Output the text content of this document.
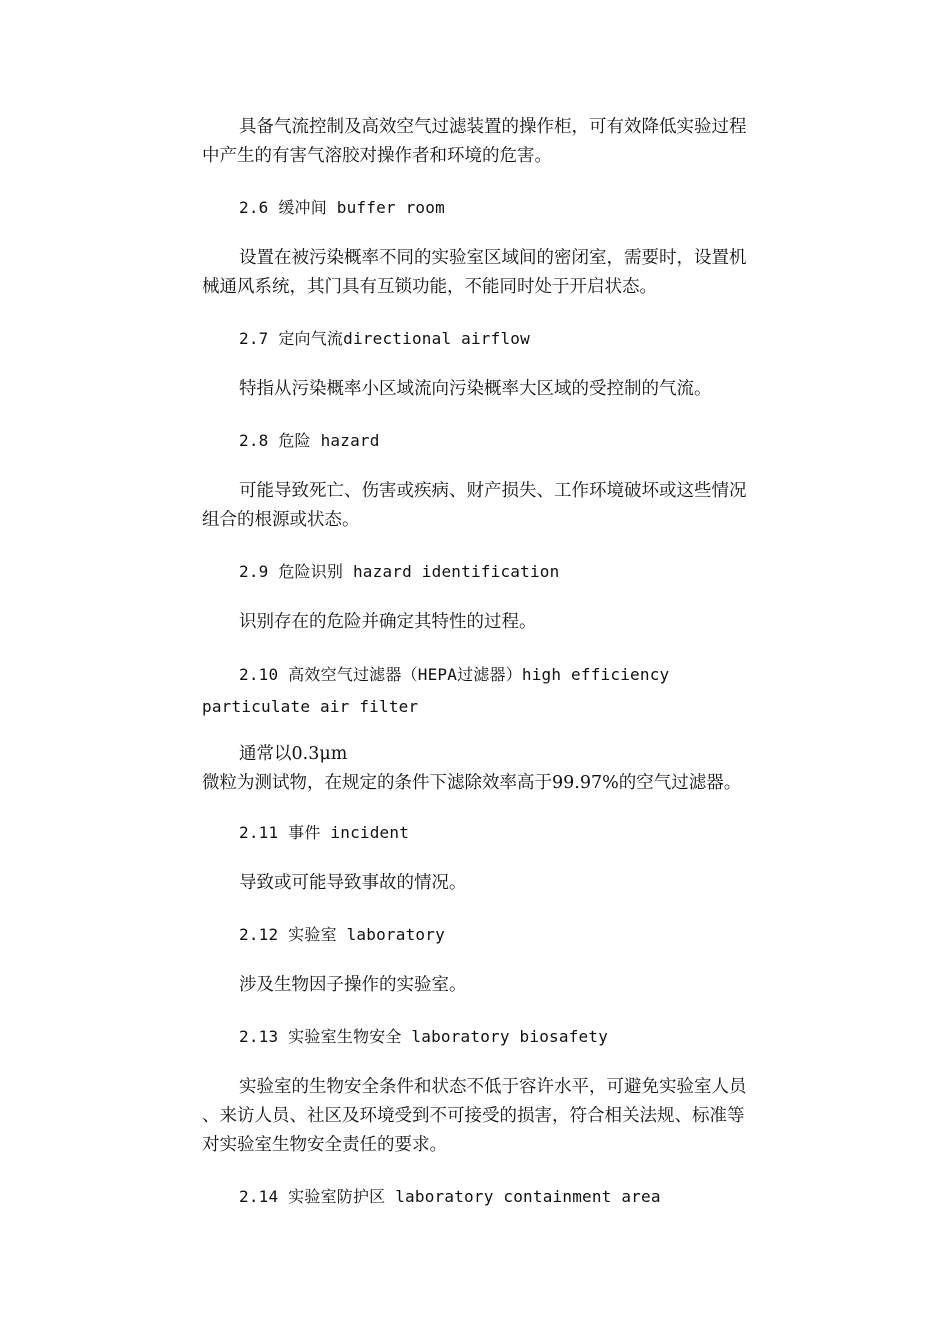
具备气流控制及高效空气过滤装置的操作柜，可有效降低实验过程
中产生的有害气溶胶对操作者和环境的危害。

2.6 缓冲间 buffer room

设置在被污染概率不同的实验室区域间的密闭室，需要时，设置机
械通风系统，其门具有互锁功能，不能同时处于开启状态。

2.7 定向气流directional airflow

特指从污染概率小区域流向污染概率大区域的受控制的气流。

2.8 危险 hazard

可能导致死亡、伤害或疾病、财产损失、工作环境破坏或这些情况
组合的根源或状态。

2.9 危险识别 hazard identification

识别存在的危险并确定其特性的过程。

2.10 高效空气过滤器（HEPA过滤器）high efficiency
particulate air filter

通常以0.3μm
微粒为测试物，在规定的条件下滤除效率高于99.97%的空气过滤器。

2.11 事件 incident

导致或可能导致事故的情况。

2.12 实验室 laboratory

涉及生物因子操作的实验室。

2.13 实验室生物安全 laboratory biosafety

实验室的生物安全条件和状态不低于容许水平，可避免实验室人员
、来访人员、社区及环境受到不可接受的损害，符合相关法规、标准等
对实验室生物安全责任的要求。

2.14 实验室防护区 laboratory containment area
